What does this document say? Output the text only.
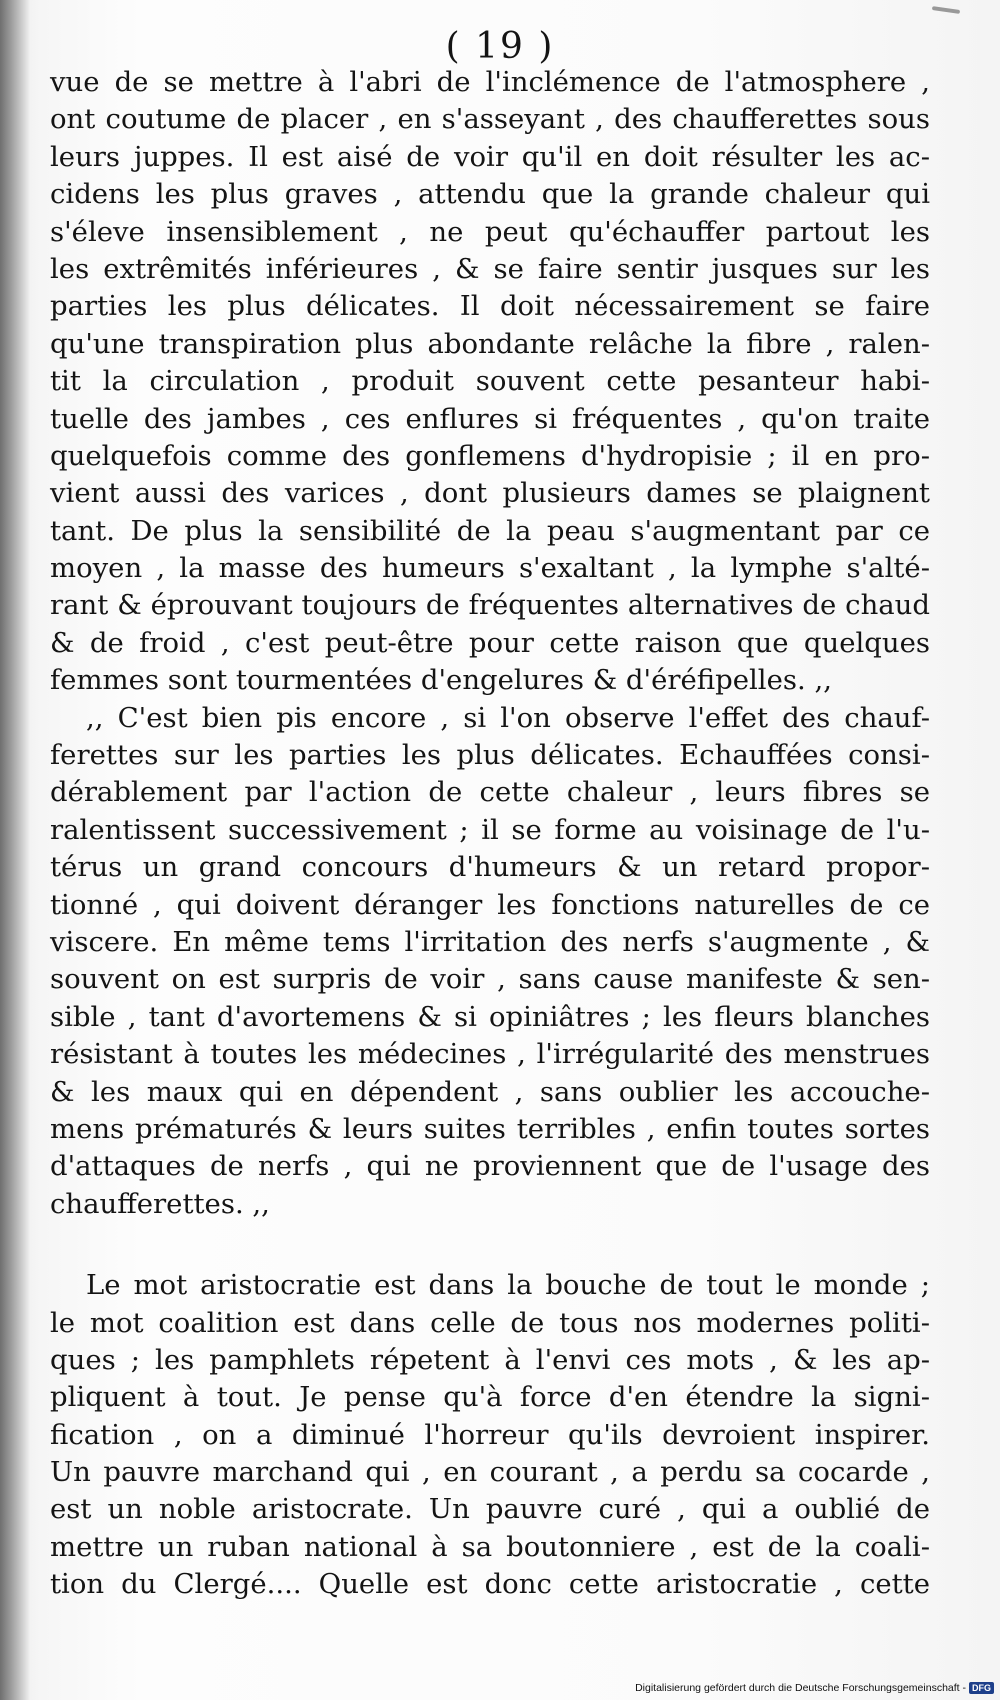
( 19 )
vue de se mettre à l'abri de l'inclémence de l'atmosphere ,
ont coutume de placer , en s'asseyant , des chaufferettes sous
leurs juppes. Il est aisé de voir qu'il en doit résulter les ac-
cidens les plus graves , attendu que la grande chaleur qui
s'éleve insensiblement , ne peut qu'échauffer partout les
les extrêmités inférieures , & se faire sentir jusques sur les
parties les plus délicates. Il doit nécessairement se faire
qu'une transpiration plus abondante relâche la fibre , ralen-
tit la circulation , produit souvent cette pesanteur habi-
tuelle des jambes , ces enflures si fréquentes , qu'on traite
quelquefois comme des gonflemens d'hydropisie ; il en pro-
vient aussi des varices , dont plusieurs dames se plaignent
tant. De plus la sensibilité de la peau s'augmentant par ce
moyen , la masse des humeurs s'exaltant , la lymphe s'alté-
rant & éprouvant toujours de fréquentes alternatives de chaud
& de froid , c'est peut-être pour cette raison que quelques
femmes sont tourmentées d'engelures & d'éréfipelles. ,,
,, C'est bien pis encore , si l'on observe l'effet des chauf-
ferettes sur les parties les plus délicates. Echauffées consi-
dérablement par l'action de cette chaleur , leurs fibres se
ralentissent successivement ; il se forme au voisinage de l'u-
térus un grand concours d'humeurs & un retard propor-
tionné , qui doivent déranger les fonctions naturelles de ce
viscere. En même tems l'irritation des nerfs s'augmente , &
souvent on est surpris de voir , sans cause manifeste & sen-
sible , tant d'avortemens & si opiniâtres ; les fleurs blanches
résistant à toutes les médecines , l'irrégularité des menstrues
& les maux qui en dépendent , sans oublier les accouche-
mens prématurés & leurs suites terribles , enfin toutes sortes
d'attaques de nerfs , qui ne proviennent que de l'usage des
chaufferettes. ,,
Le mot aristocratie est dans la bouche de tout le monde ;
le mot coalition est dans celle de tous nos modernes politi-
ques ; les pamphlets répetent à l'envi ces mots , & les ap-
pliquent à tout. Je pense qu'à force d'en étendre la signi-
fication , on a diminué l'horreur qu'ils devroient inspirer.
Un pauvre marchand qui , en courant , a perdu sa cocarde ,
est un noble aristocrate. Un pauvre curé , qui a oublié de
mettre un ruban national à sa boutonniere , est de la coali-
tion du Clergé.... Quelle est donc cette aristocratie , cette
Digitalisierung gefördert durch die Deutsche Forschungsgemeinschaft - DFG
